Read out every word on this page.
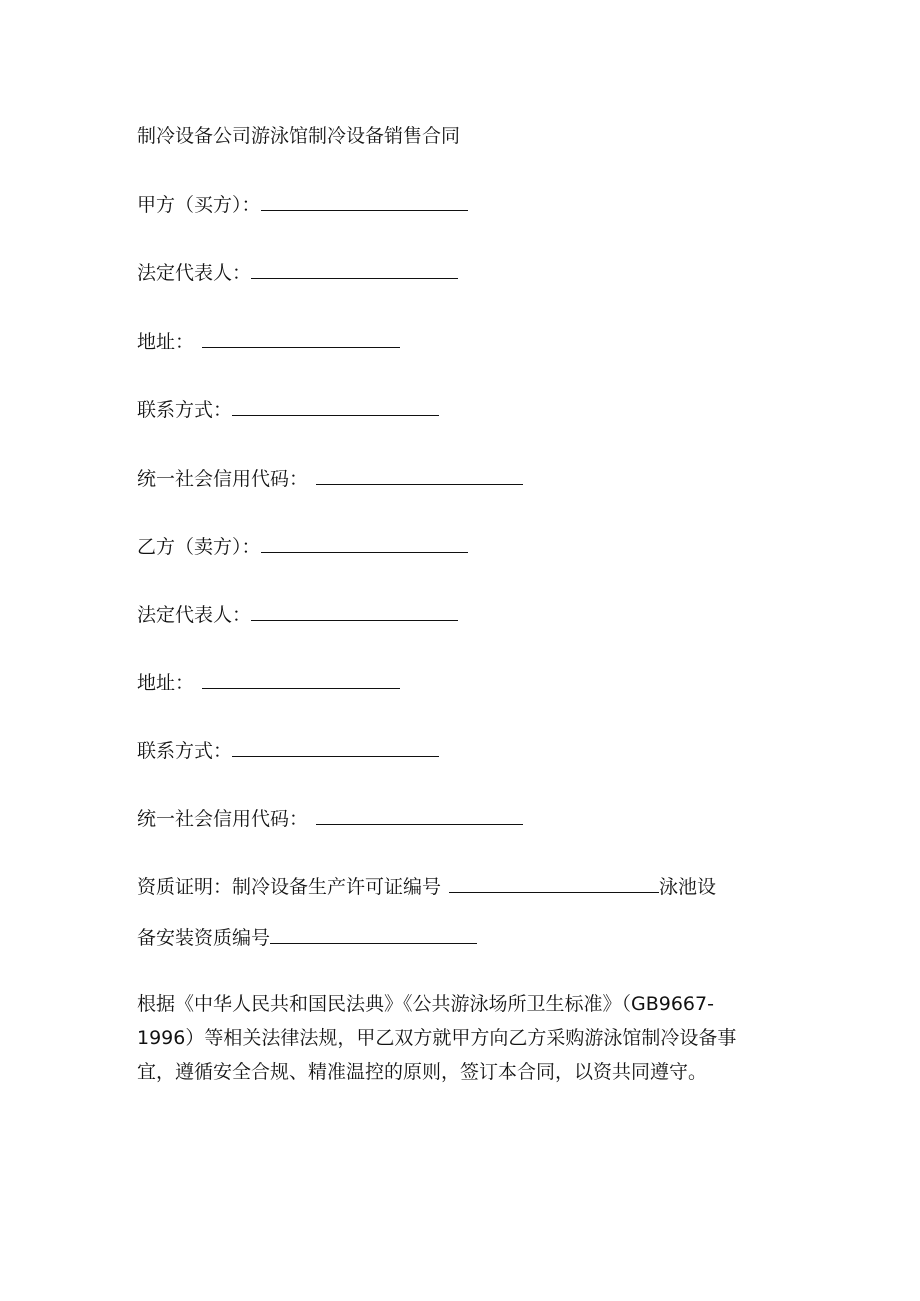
制冷设备公司游泳馆制冷设备销售合同
甲方（买方）：
法定代表人：
地址：
联系方式：
统一社会信用代码：
乙方（卖方）：
法定代表人：
地址：
联系方式：
统一社会信用代码：
资质证明：制冷设备生产许可证编号	泳池设
备安装资质编号
根据《中华人民共和国民法典》《公共游泳场所卫生标准》（GB9667-
1996）等相关法律法规，甲乙双方就甲方向乙方采购游泳馆制冷设备事
宜，遵循安全合规、精准温控的原则，签订本合同，以资共同遵守。
